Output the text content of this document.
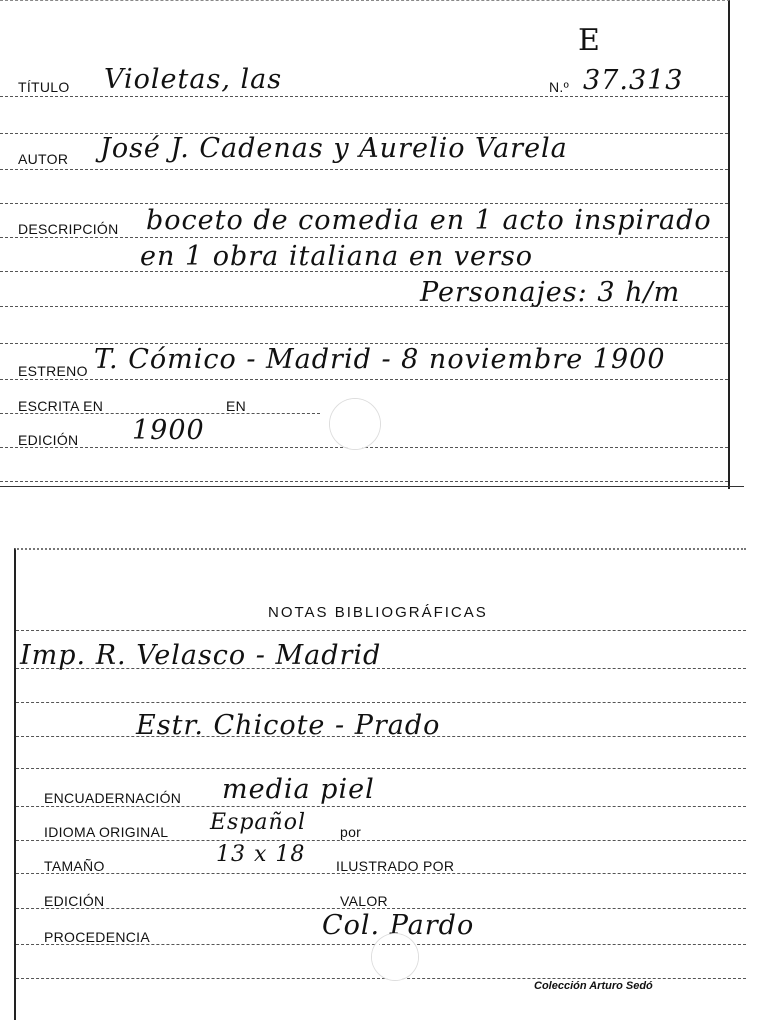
E
TÍTULO Violetas, las	N.º 37.313
AUTOR José J. Cadenas y Aurelio Varela
DESCRIPCIÓN boceto de comedia en 1 acto inspirado
en 1 obra italiana en verso
Personajes: 3 h/m
ESTRENO T. Cómico - Madrid - 8 noviembre 1900
ESCRITA EN	EN
EDICIÓN 1900
NOTAS BIBLIOGRÁFICAS
Imp. R. Velasco - Madrid
Estr. Chicote - Prado
ENCUADERNACIÓN media piel
IDIOMA ORIGINAL Español por
TAMAÑO	13 x 18 ILUSTRADO POR
EDICIÓN	VALOR
PROCEDENCIA	Col. Pardo
Colección Arturo Sedó
